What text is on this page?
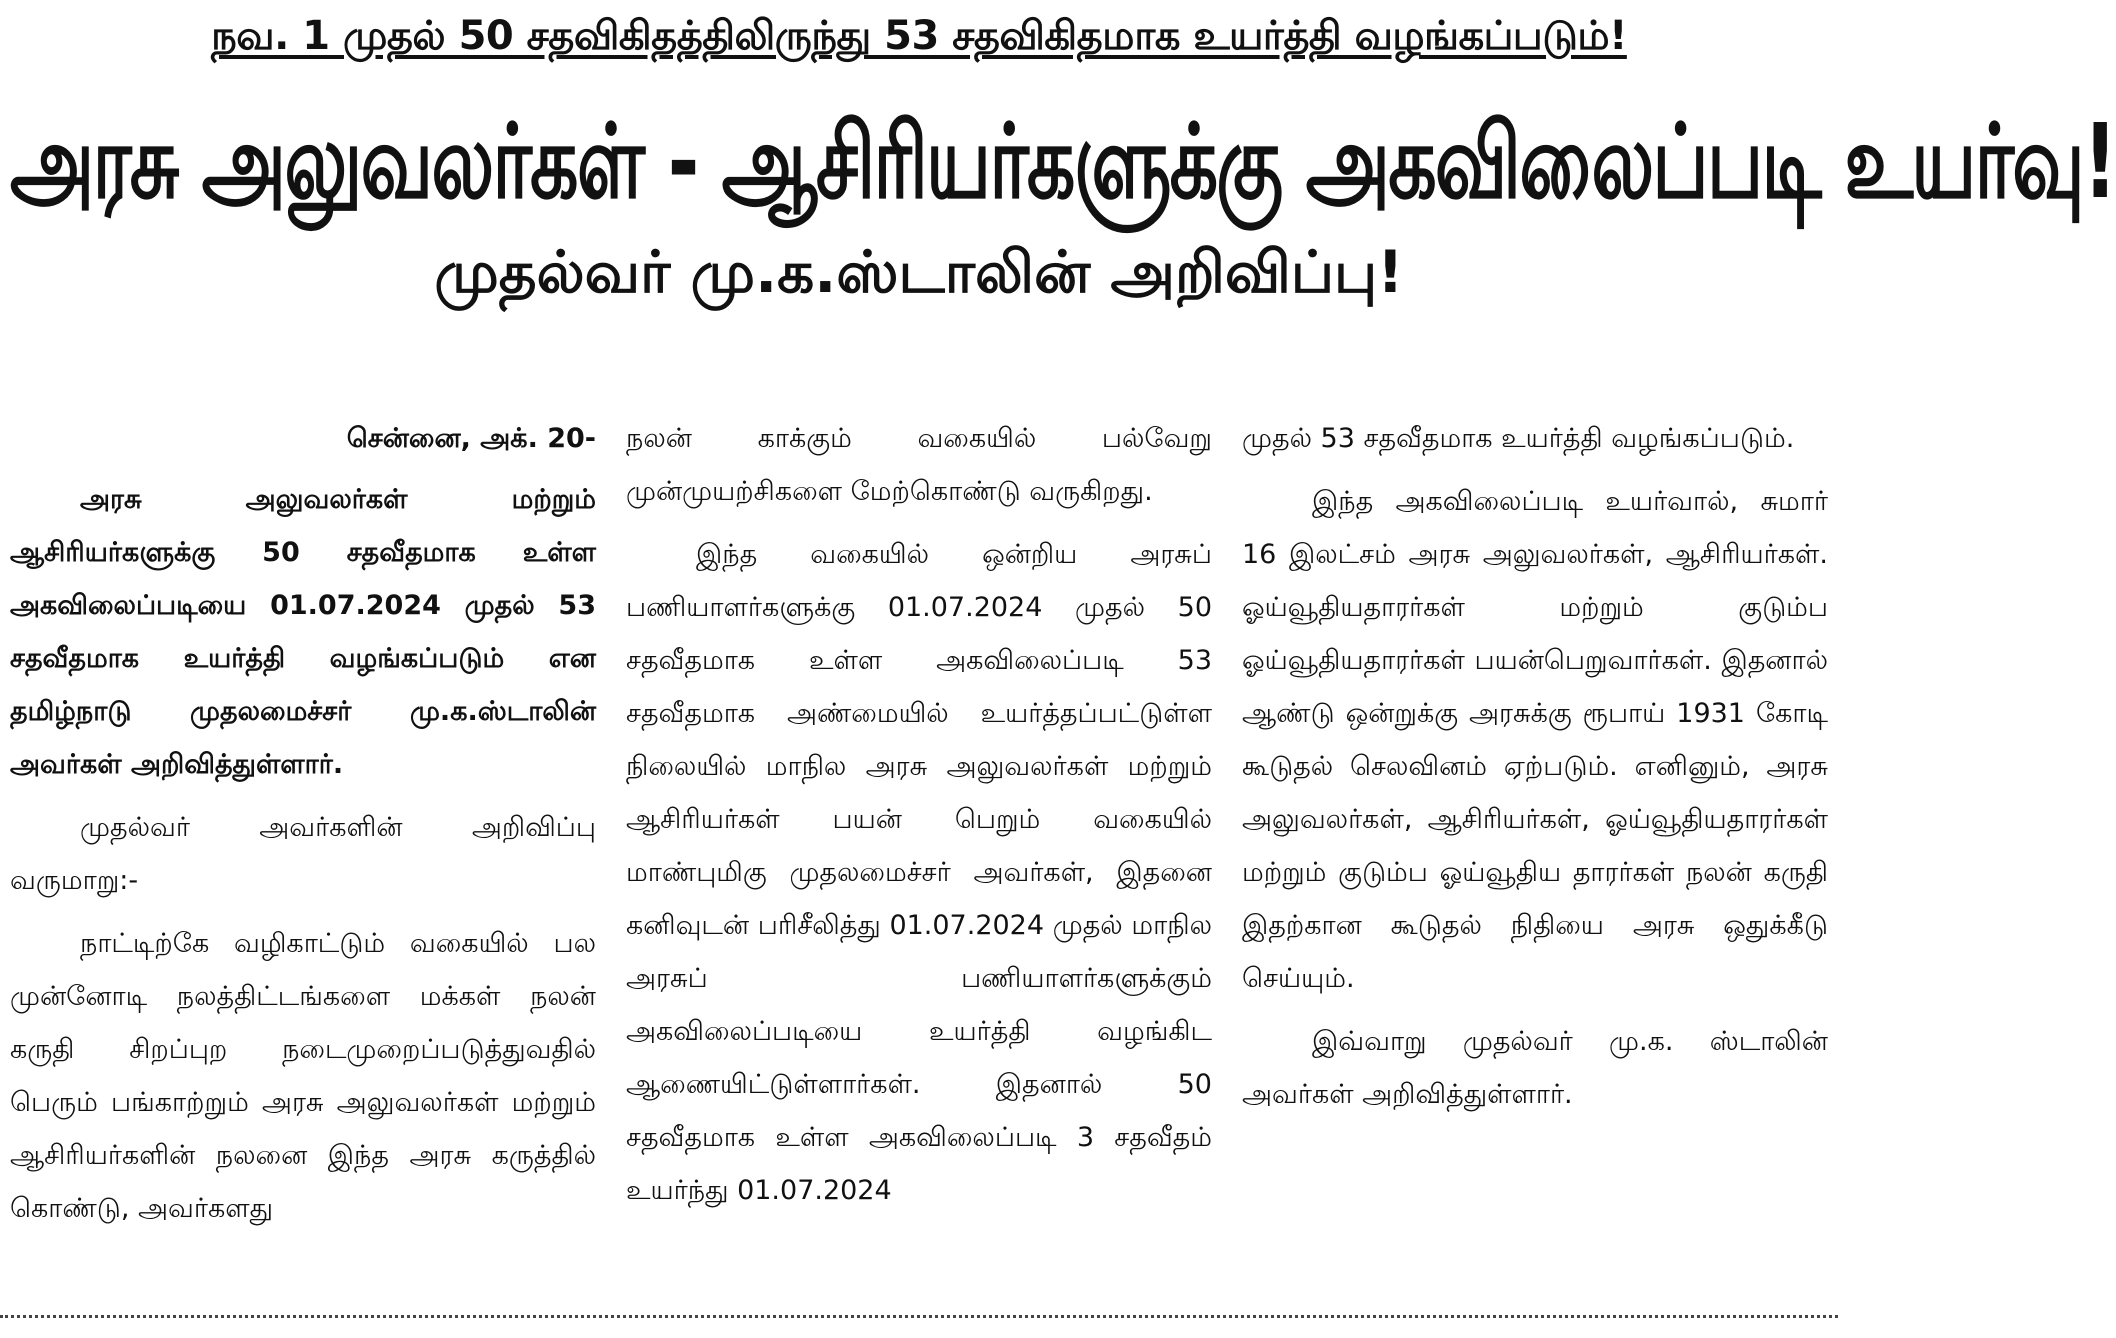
நவ. 1 முதல் 50 சதவிகிதத்திலிருந்து 53 சதவிகிதமாக உயர்த்தி வழங்கப்படும்!
அரசு அலுவலர்கள் - ஆசிரியர்களுக்கு அகவிலைப்படி உயர்வு!
முதல்வர் மு.க.ஸ்டாலின் அறிவிப்பு!
சென்னை, அக். 20-

அரசு அலுவலர்கள் மற்றும் ஆசிரியர்களுக்கு 50 சதவீதமாக உள்ள அகவிலைப்படியை 01.07.2024 முதல் 53 சதவீதமாக உயர்த்தி வழங்கப்படும் என தமிழ்நாடு முதலமைச்சர் மு.க.ஸ்டாலின் அவர்கள் அறிவித்துள்ளார்.

முதல்வர் அவர்களின் அறிவிப்பு வருமாறு:-

நாட்டிற்கே வழிகாட்டும் வகையில் பல முன்னோடி நலத்திட்டங்களை மக்கள் நலன் கருதி சிறப்புற நடைமுறைப்படுத்துவதில் பெரும் பங்காற்றும் அரசு அலுவலர்கள் மற்றும் ஆசிரியர்களின் நலனை இந்த அரசு கருத்தில் கொண்டு, அவர்களது

நலன் காக்கும் வகையில் பல்வேறு முன்முயற்சிகளை மேற்கொண்டு வருகிறது.

இந்த வகையில் ஒன்றிய அரசுப் பணியாளர்களுக்கு 01.07.2024 முதல் 50 சதவீதமாக உள்ள அகவிலைப்படி 53 சதவீதமாக அண்மையில் உயர்த்தப்பட்டுள்ள நிலையில் மாநில அரசு அலுவலர்கள் மற்றும் ஆசிரியர்கள் பயன் பெறும் வகையில் மாண்புமிகு முதலமைச்சர் அவர்கள், இதனை கனிவுடன் பரிசீலித்து 01.07.2024 முதல் மாநில அரசுப் பணியாளர்களுக்கும் அகவிலைப்படியை உயர்த்தி வழங்கிட ஆணையிட்டுள்ளார்கள். இதனால் 50 சதவீதமாக உள்ள அகவிலைப்படி 3 சதவீதம் உயர்ந்து 01.07.2024

முதல் 53 சதவீதமாக உயர்த்தி வழங்கப்படும்.

இந்த அகவிலைப்படி உயர்வால், சுமார் 16 இலட்சம் அரசு அலுவலர்கள், ஆசிரியர்கள். ஓய்வூதியதாரர்கள் மற்றும் குடும்ப ஓய்வூதியதாரர்கள் பயன்பெறுவார்கள். இதனால் ஆண்டு ஒன்றுக்கு அரசுக்கு ரூபாய் 1931 கோடி கூடுதல் செலவினம் ஏற்படும். எனினும், அரசு அலுவலர்கள், ஆசிரியர்கள், ஓய்வூதியதாரர்கள் மற்றும் குடும்ப ஓய்வூதிய தாரர்கள் நலன் கருதி இதற்கான கூடுதல் நிதியை அரசு ஒதுக்கீடு செய்யும்.

இவ்வாறு முதல்வர் மு.க. ஸ்டாலின் அவர்கள் அறிவித்துள்ளார்.
